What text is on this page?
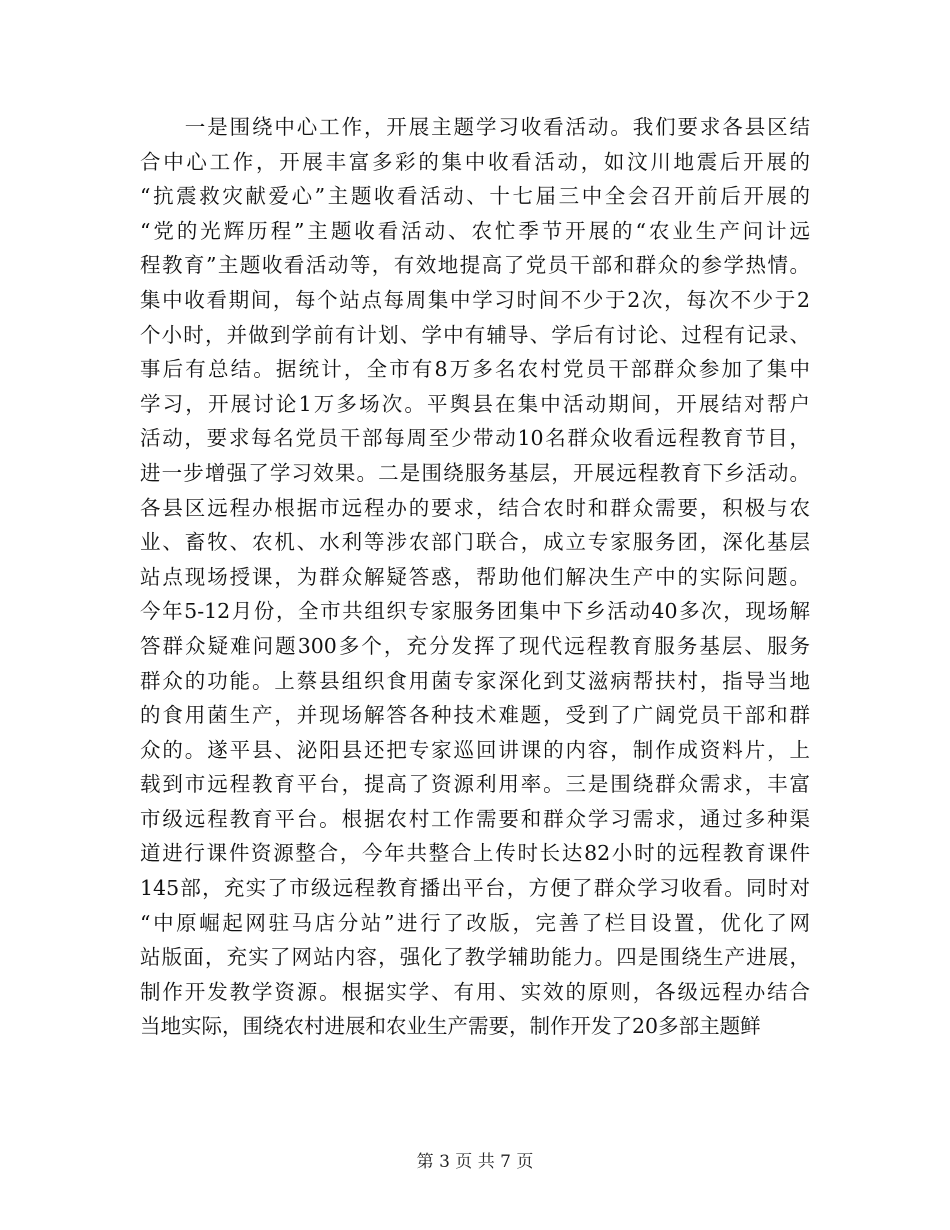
　　一是围绕中心工作，开展主题学习收看活动。我们要求各县区结
合中心工作，开展丰富多彩的集中收看活动，如汶川地震后开展的
“抗震救灾献爱心”主题收看活动、十七届三中全会召开前后开展的
“党的光辉历程”主题收看活动、农忙季节开展的“农业生产问计远
程教育”主题收看活动等，有效地提高了党员干部和群众的参学热情。
集中收看期间，每个站点每周集中学习时间不少于2次，每次不少于2
个小时，并做到学前有计划、学中有辅导、学后有讨论、过程有记录、
事后有总结。据统计，全市有8万多名农村党员干部群众参加了集中
学习，开展讨论1万多场次。平舆县在集中活动期间，开展结对帮户
活动，要求每名党员干部每周至少带动10名群众收看远程教育节目，
进一步增强了学习效果。二是围绕服务基层，开展远程教育下乡活动。
各县区远程办根据市远程办的要求，结合农时和群众需要，积极与农
业、畜牧、农机、水利等涉农部门联合，成立专家服务团，深化基层
站点现场授课，为群众解疑答惑，帮助他们解决生产中的实际问题。
今年5-12月份，全市共组织专家服务团集中下乡活动40多次，现场解
答群众疑难问题300多个，充分发挥了现代远程教育服务基层、服务
群众的功能。上蔡县组织食用菌专家深化到艾滋病帮扶村，指导当地
的食用菌生产，并现场解答各种技术难题，受到了广阔党员干部和群
众的。遂平县、泌阳县还把专家巡回讲课的内容，制作成资料片，上
载到市远程教育平台，提高了资源利用率。三是围绕群众需求，丰富
市级远程教育平台。根据农村工作需要和群众学习需求，通过多种渠
道进行课件资源整合，今年共整合上传时长达82小时的远程教育课件
145部，充实了市级远程教育播出平台，方便了群众学习收看。同时对
“中原崛起网驻马店分站”进行了改版，完善了栏目设置，优化了网
站版面，充实了网站内容，强化了教学辅助能力。四是围绕生产进展，
制作开发教学资源。根据实学、有用、实效的原则，各级远程办结合
当地实际，围绕农村进展和农业生产需要，制作开发了20多部主题鲜
第 3 页 共 7 页
